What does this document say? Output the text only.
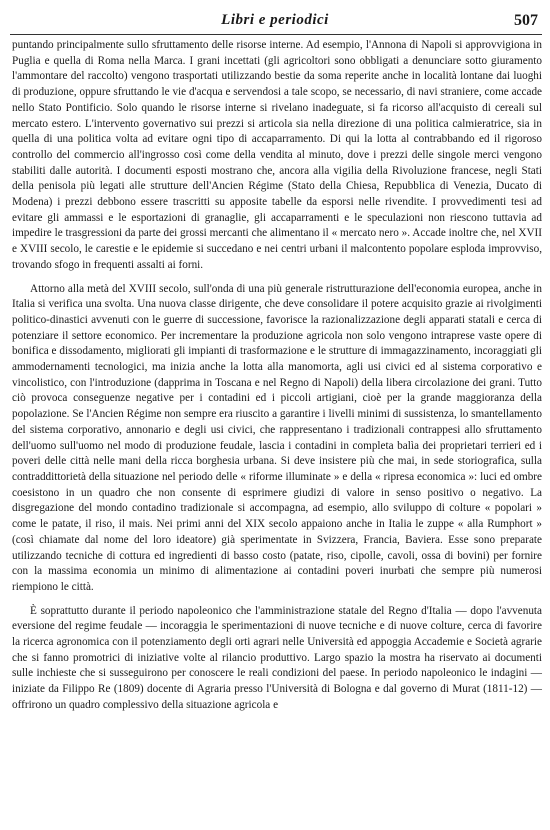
Libri e periodici	507

puntando principalmente sullo sfruttamento delle risorse interne. Ad esempio, l'Annona di Napoli si approvvigiona in Puglia e quella di Roma nella Marca. I grani incettati (gli agricoltori sono obbligati a denunciare sotto giuramento l'ammontare del raccolto) vengono trasportati utilizzando bestie da soma reperite anche in località lontane dai luoghi di produzione, oppure sfruttando le vie d'acqua e servendosi a tale scopo, se necessario, di navi straniere, come accade nello Stato Pontificio. Solo quando le risorse interne si rivelano inadeguate, si fa ricorso all'acquisto di cereali sul mercato estero. L'intervento governativo sui prezzi si articola sia nella direzione di una politica calmieratrice, sia in quella di una politica volta ad evitare ogni tipo di accaparramento. Di qui la lotta al contrabbando ed il rigoroso controllo del commercio all'ingrosso così come della vendita al minuto, dove i prezzi delle singole merci vengono stabiliti dalle autorità. I documenti esposti mostrano che, ancora alla vigilia della Rivoluzione francese, negli Stati della penisola più legati alle strutture dell'Ancien Régime (Stato della Chiesa, Repubblica di Venezia, Ducato di Modena) i prezzi debbono essere trascritti su apposite tabelle da esporsi nelle rivendite. I provvedimenti tesi ad evitare gli ammassi e le esportazioni di granaglie, gli accaparramenti e le speculazioni non riescono tuttavia ad impedire le trasgressioni da parte dei grossi mercanti che alimentano il « mercato nero ». Accade inoltre che, nel XVII e XVIII secolo, le carestie e le epidemie si succedano e nei centri urbani il malcontento popolare esploda improvviso, trovando sfogo in frequenti assalti ai forni.

Attorno alla metà del XVIII secolo, sull'onda di una più generale ristrutturazione dell'economia europea, anche in Italia si verifica una svolta. Una nuova classe dirigente, che deve consolidare il potere acquisito grazie ai rivolgimenti politico-dinastici avvenuti con le guerre di successione, favorisce la razionalizzazione degli apparati statali e cerca di potenziare il settore economico. Per incrementare la produzione agricola non solo vengono intraprese vaste opere di bonifica e dissodamento, migliorati gli impianti di trasformazione e le strutture di immagazzinamento, incoraggiati gli ammodernamenti tecnologici, ma inizia anche la lotta alla manomorta, agli usi civici ed al sistema corporativo e vincolistico, con l'introduzione (dapprima in Toscana e nel Regno di Napoli) della libera circolazione dei grani. Tutto ciò provoca conseguenze negative per i contadini ed i piccoli artigiani, cioè per la grande maggioranza della popolazione. Se l'Ancien Régime non sempre era riuscito a garantire i livelli minimi di sussistenza, lo smantellamento del sistema corporativo, annonario e degli usi civici, che rappresentano i tradizionali contrappesi allo sfruttamento dell'uomo sull'uomo nel modo di produzione feudale, lascia i contadini in completa balìa dei proprietari terrieri ed i poveri delle città nelle mani della ricca borghesia urbana. Si deve insistere più che mai, in sede storiografica, sulla contraddittorietà della situazione nel periodo delle « riforme illuminate » e della « ripresa economica »: luci ed ombre coesistono in un quadro che non consente di esprimere giudizi di valore in senso positivo o negativo. La disgregazione del mondo contadino tradizionale si accompagna, ad esempio, allo sviluppo di colture « popolari » come le patate, il riso, il mais. Nei primi anni del XIX secolo appaiono anche in Italia le zuppe « alla Rumphort » (così chiamate dal nome del loro ideatore) già sperimentate in Svizzera, Francia, Baviera. Esse sono preparate utilizzando tecniche di cottura ed ingredienti di basso costo (patate, riso, cipolle, cavoli, ossa di bovini) per fornire con la massima economia un minimo di alimentazione ai contadini poveri inurbati che sempre più numerosi riempiono le città.

È soprattutto durante il periodo napoleonico che l'amministrazione statale del Regno d'Italia — dopo l'avvenuta eversione del regime feudale — incoraggia le sperimentazioni di nuove tecniche e di nuove colture, cerca di favorire la ricerca agronomica con il potenziamento degli orti agrari nelle Università ed appoggia Accademie e Società agrarie che si fanno promotrici di iniziative volte al rilancio produttivo. Largo spazio la mostra ha riservato ai documenti sulle inchieste che si susseguirono per conoscere le reali condizioni del paese. In periodo napoleonico le indagini — iniziate da Filippo Re (1809) docente di Agraria presso l'Università di Bologna e dal governo di Murat (1811-12) — offrirono un quadro complessivo della situazione agricola e
